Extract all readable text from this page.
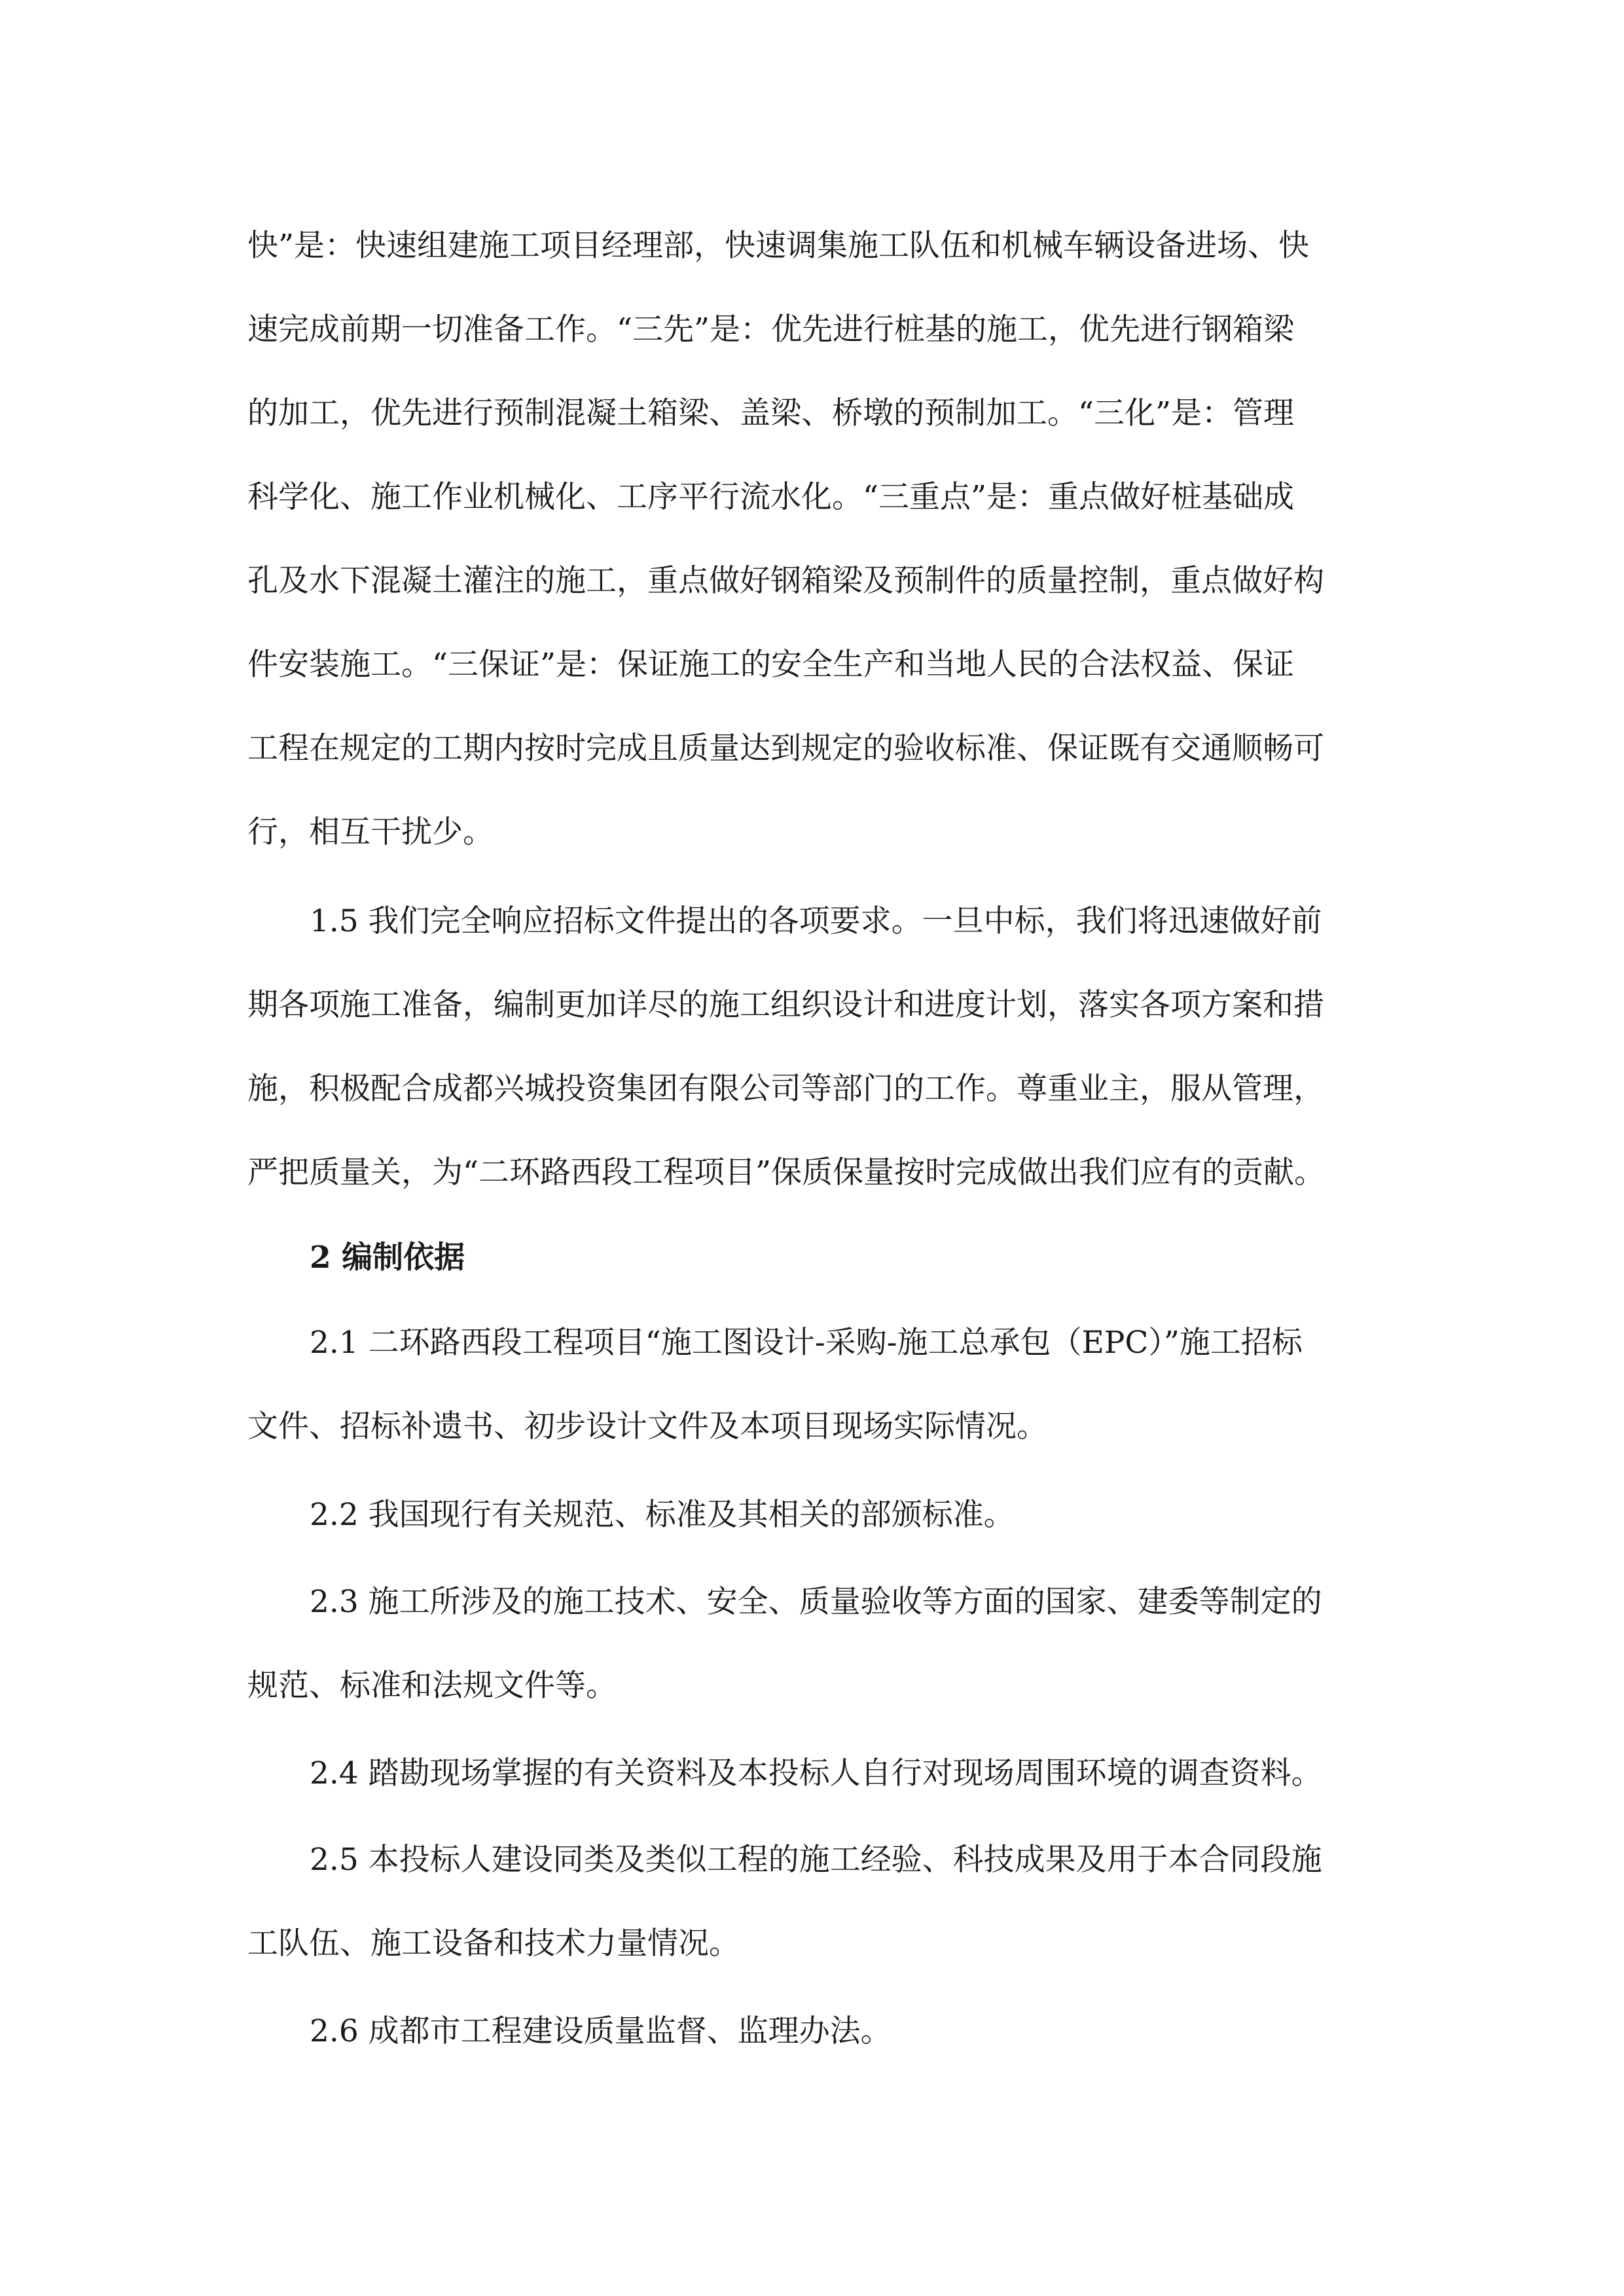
快”是：快速组建施工项目经理部，快速调集施工队伍和机械车辆设备进场、快
速完成前期一切准备工作。“三先”是：优先进行桩基的施工，优先进行钢箱梁
的加工，优先进行预制混凝土箱梁、盖梁、桥墩的预制加工。“三化”是：管理
科学化、施工作业机械化、工序平行流水化。“三重点”是：重点做好桩基础成
孔及水下混凝土灌注的施工，重点做好钢箱梁及预制件的质量控制，重点做好构
件安装施工。“三保证”是：保证施工的安全生产和当地人民的合法权益、保证
工程在规定的工期内按时完成且质量达到规定的验收标准、保证既有交通顺畅可
行，相互干扰少。
1.5 我们完全响应招标文件提出的各项要求。一旦中标，我们将迅速做好前
期各项施工准备，编制更加详尽的施工组织设计和进度计划，落实各项方案和措
施，积极配合成都兴城投资集团有限公司等部门的工作。尊重业主，服从管理，
严把质量关，为“二环路西段工程项目”保质保量按时完成做出我们应有的贡献。
2 编制依据
2.1 二环路西段工程项目“施工图设计-采购-施工总承包（EPC）”施工招标
文件、招标补遗书、初步设计文件及本项目现场实际情况。
2.2 我国现行有关规范、标准及其相关的部颁标准。
2.3 施工所涉及的施工技术、安全、质量验收等方面的国家、建委等制定的
规范、标准和法规文件等。
2.4 踏勘现场掌握的有关资料及本投标人自行对现场周围环境的调查资料。
2.5 本投标人建设同类及类似工程的施工经验、科技成果及用于本合同段施
工队伍、施工设备和技术力量情况。
2.6 成都市工程建设质量监督、监理办法。
